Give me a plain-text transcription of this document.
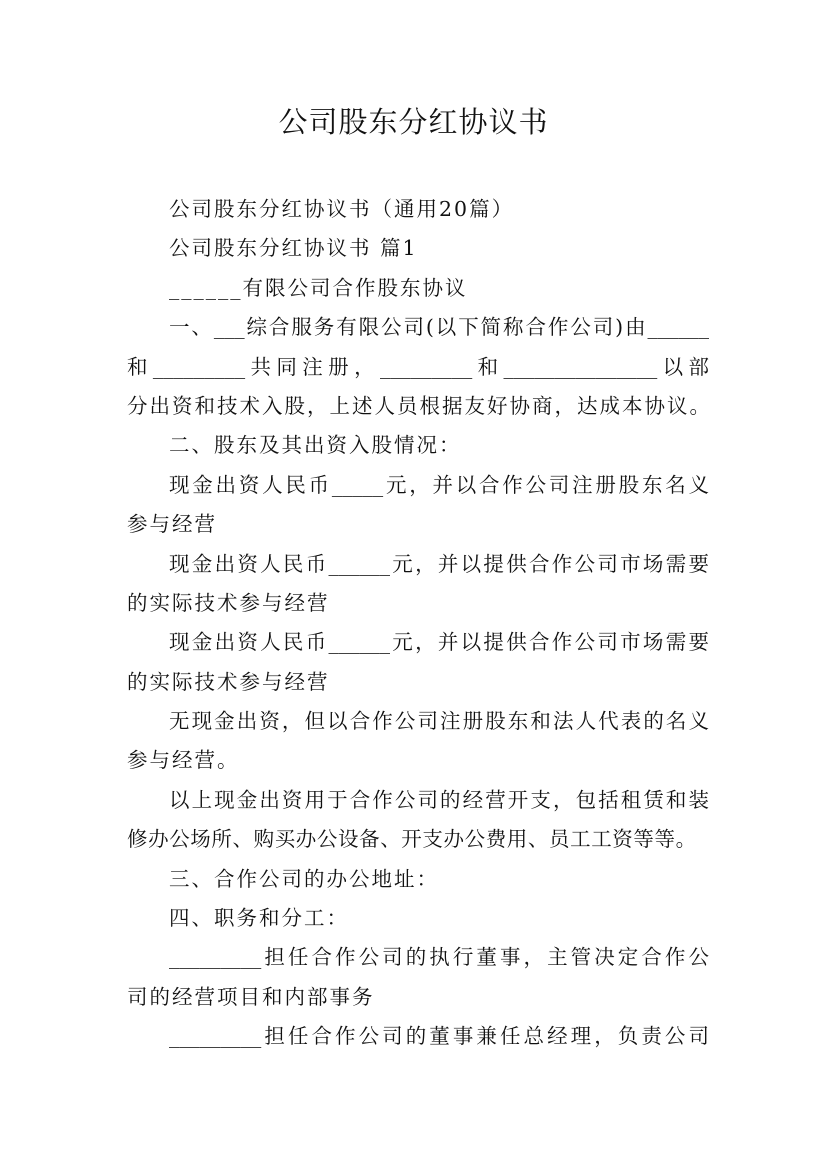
公司股东分红协议书
公司股东分红协议书（通用20篇）
公司股东分红协议书 篇1
______有限公司合作股东协议
一、___综合服务有限公司(以下简称合作公司)由______
和_________共同注册，_________和_______________以部
分出资和技术入股，上述人员根据友好协商，达成本协议。
二、股东及其出资入股情况：
现金出资人民币_____元，并以合作公司注册股东名义
参与经营
现金出资人民币______元，并以提供合作公司市场需要
的实际技术参与经营
现金出资人民币______元，并以提供合作公司市场需要
的实际技术参与经营
无现金出资，但以合作公司注册股东和法人代表的名义
参与经营。
以上现金出资用于合作公司的经营开支，包括租赁和装
修办公场所、购买办公设备、开支办公费用、员工工资等等。
三、合作公司的办公地址：
四、职务和分工：
_________担任合作公司的执行董事，主管决定合作公
司的经营项目和内部事务
_________担任合作公司的董事兼任总经理，负责公司
